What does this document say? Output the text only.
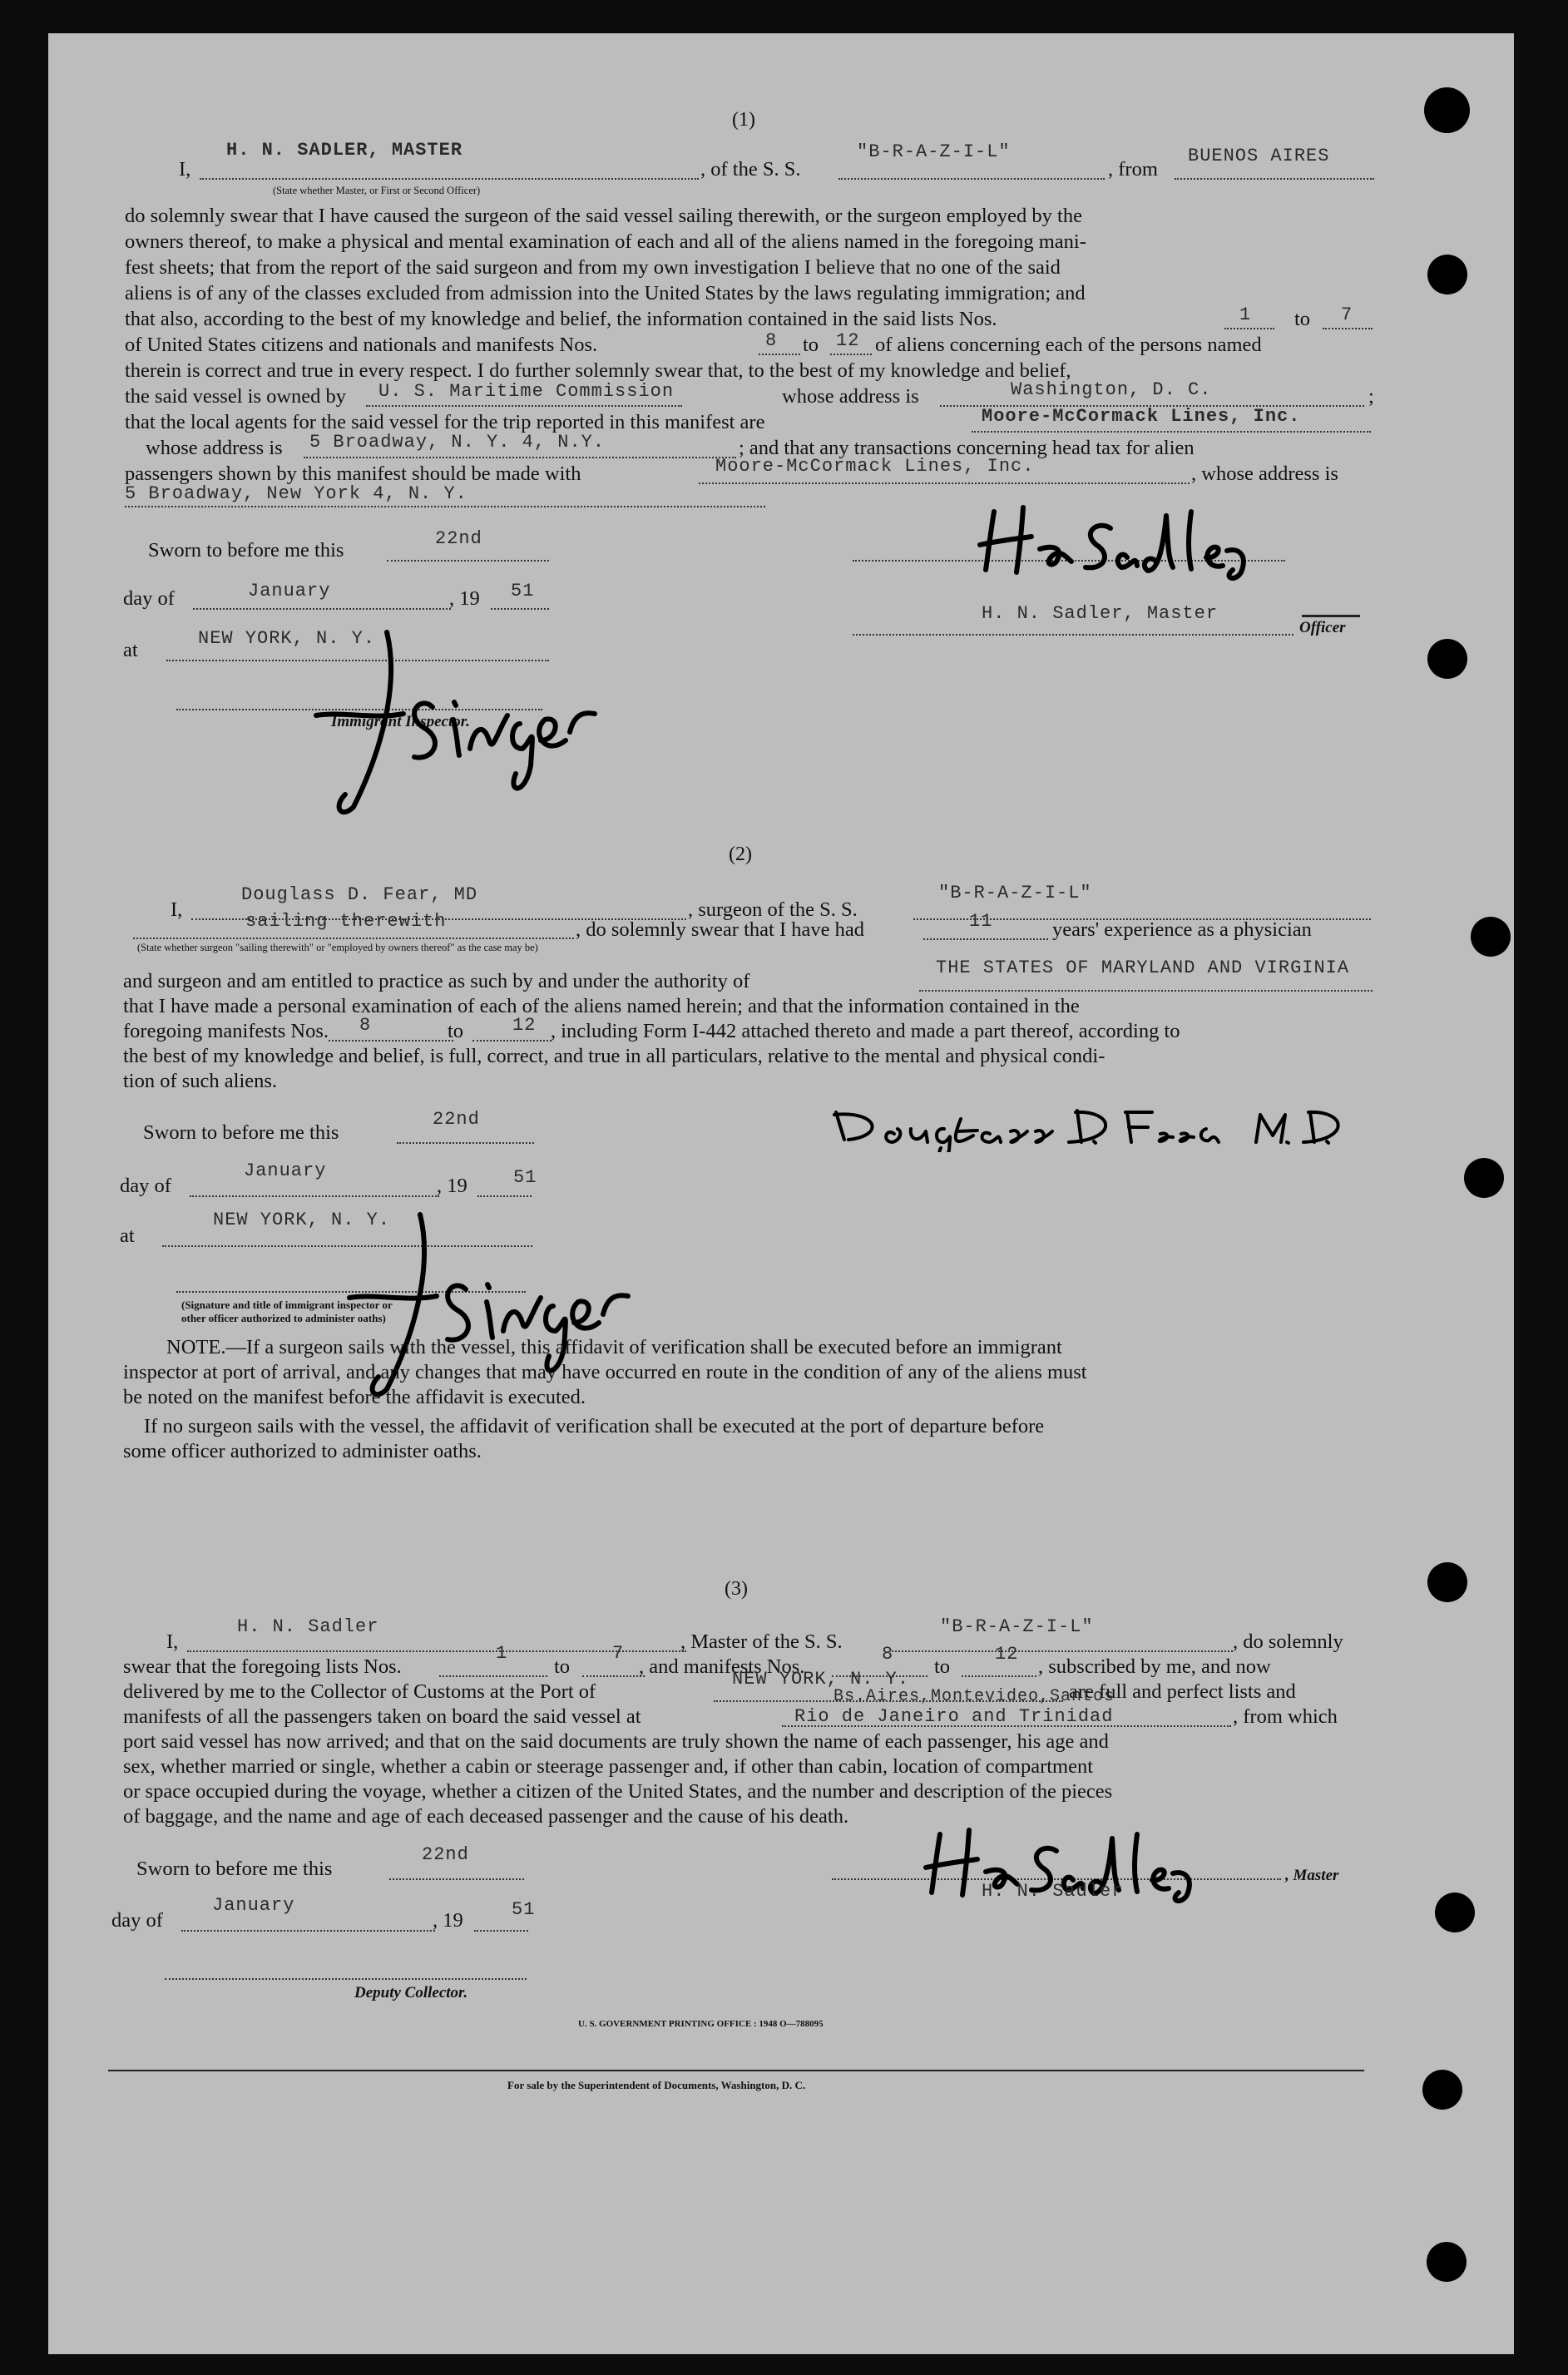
(1)
I,
H. N. SADLER, MASTER
, of the S. S.
"B-R-A-Z-I-L"
, from
BUENOS AIRES
(State whether Master, or First or Second Officer)
do solemnly swear that I have caused the surgeon of the said vessel sailing therewith, or the surgeon employed by the
owners thereof, to make a physical and mental examination of each and all of the aliens named in the foregoing mani-
fest sheets; that from the report of the said surgeon and from my own investigation I believe that no one of the said
aliens is of any of the classes excluded from admission into the United States by the laws regulating immigration; and
that also, according to the best of my knowledge and belief, the information contained in the said lists Nos.	1 to 7
of United States citizens and nationals and manifests Nos.	8 to 12 of aliens concerning each of the persons named
therein is correct and true in every respect. I do further solemnly swear that, to the best of my knowledge and belief,
the said vessel is owned by U. S. Maritime Commission	whose address is	Washington, D. C.	;
that the local agents for the said vessel for the trip reported in this manifest are	Moore-McCormack Lines, Inc.
whose address is 5 Broadway, N. Y. 4, N.Y.	; and that any transactions concerning head tax for alien
passengers shown by this manifest should be made with	Moore-McCormack Lines, Inc.	, whose address is
5 Broadway, New York 4, N. Y.
Sworn to before me this
22nd
day of	January	, 19 51
at
NEW YORK, N. Y.
Immigrant Inspector.
H. N. Sadler, Master
Officer
(2)
I,
Douglass D. Fear, MD
, surgeon of the S. S.
"B-R-A-Z-I-L"
sailing therewith	, do solemnly swear that I have had	11	years' experience as a physician
(State whether surgeon "sailing therewith" or "employed by owners thereof" as the case may be)
and surgeon and am entitled to practice as such by and under the authority of
THE STATES OF MARYLAND AND VIRGINIA
that I have made a personal examination of each of the aliens named herein; and that the information contained in the
foregoing manifests Nos. 8	to	12 , including Form I-442 attached thereto and made a part thereof, according to
the best of my knowledge and belief, is full, correct, and true in all particulars, relative to the mental and physical condi-
tion of such aliens.
Sworn to before me this
22nd
day of
January
, 19	51
at
NEW YORK, N. Y.
(Signature and title of immigrant inspector or
other officer authorized to administer oaths)
NOTE.—If a surgeon sails with the vessel, this affidavit of verification shall be executed before an immigrant
inspector at port of arrival, and any changes that may have occurred en route in the condition of any of the aliens must
be noted on the manifest before the affidavit is executed.
If no surgeon sails with the vessel, the affidavit of verification shall be executed at the port of departure before
some officer authorized to administer oaths.
(3)
I,
H. N. Sadler
, Master of the S. S.
"B-R-A-Z-I-L"
, do solemnly
swear that the foregoing lists Nos.
1
to
7
, and manifests Nos.
8
to
12
, subscribed by me, and now
delivered by me to the Collector of Customs at the Port of
NEW YORK, N. Y.
are full and perfect lists and
Bs.Aires,Montevideo,Santos
manifests of all the passengers taken on board the said vessel at	Rio de Janeiro and Trinidad	, from which
port said vessel has now arrived; and that on the said documents are truly shown the name of each passenger, his age and
sex, whether married or single, whether a cabin or steerage passenger and, if other than cabin, location of compartment
or space occupied during the voyage, whether a citizen of the United States, and the number and description of the pieces
of baggage, and the name and age of each deceased passenger and the cause of his death.
Sworn to before me this
22nd
day of
January
, 19	51
Deputy Collector.
H. N. Sadler
, Master
U. S. GOVERNMENT PRINTING OFFICE : 1948 O—788095
For sale by the Superintendent of Documents, Washington, D. C.
